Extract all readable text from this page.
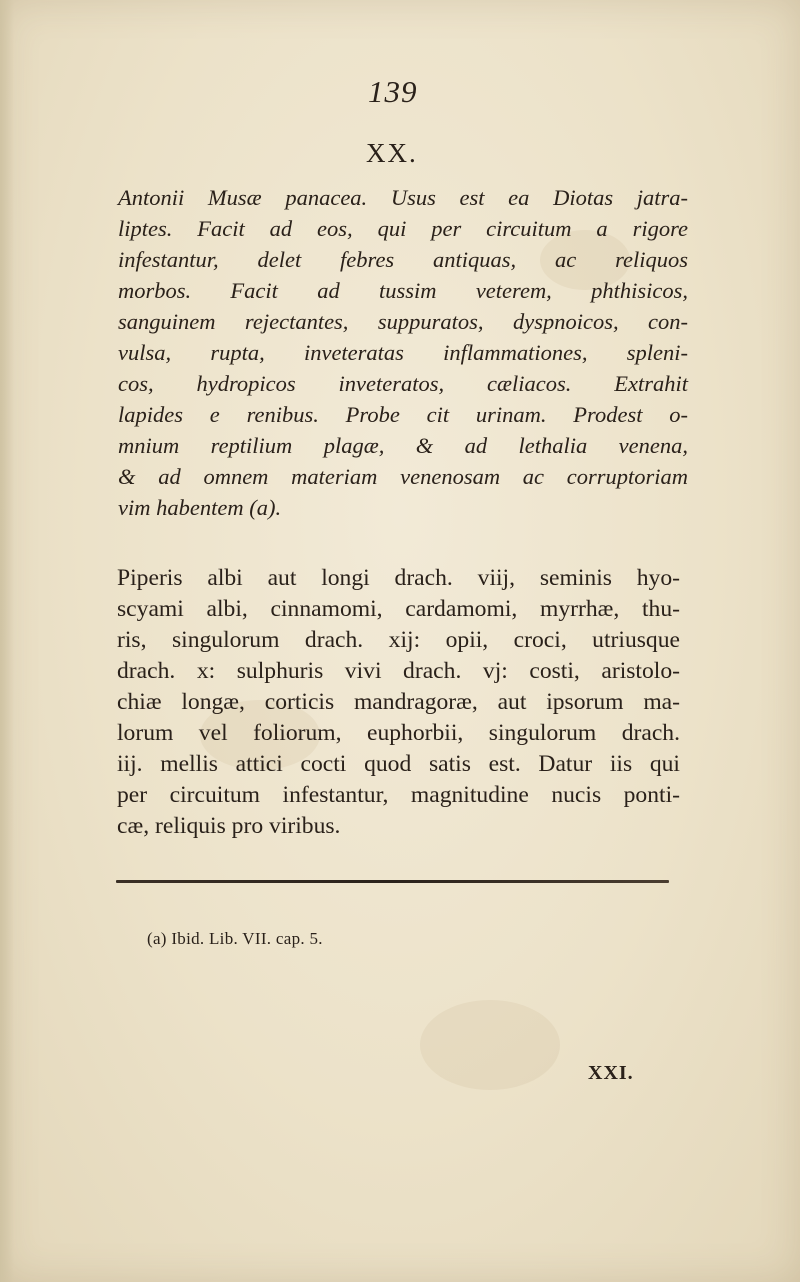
139
XX.
Antonii Musæ panacea. Usus est ea Diotas jatra-
liptes. Facit ad eos, qui per circuitum a rigore
infestantur, delet febres antiquas, ac reliquos
morbos. Facit ad tussim veterem, phthisicos,
sanguinem rejectantes, suppuratos, dyspnoicos, con-
vulsa, rupta, inveteratas inflammationes, spleni-
cos, hydropicos inveteratos, cæliacos. Extrahit
lapides e renibus. Probe cit urinam. Prodest o-
mnium reptilium plagæ, & ad lethalia venena,
& ad omnem materiam venenosam ac corruptoriam
vim habentem (a).
Piperis albi aut longi drach. viij, seminis hyo-
scyami albi, cinnamomi, cardamomi, myrrhæ, thu-
ris, singulorum drach. xij: opii, croci, utriusque
drach. x: sulphuris vivi drach. vj: costi, aristolo-
chiæ longæ, corticis mandragoræ, aut ipsorum ma-
lorum vel foliorum, euphorbii, singulorum drach.
iij. mellis attici cocti quod satis est. Datur iis qui
per circuitum infestantur, magnitudine nucis ponti-
cæ, reliquis pro viribus.
(a) Ibid. Lib. VII. cap. 5.
XXI.
